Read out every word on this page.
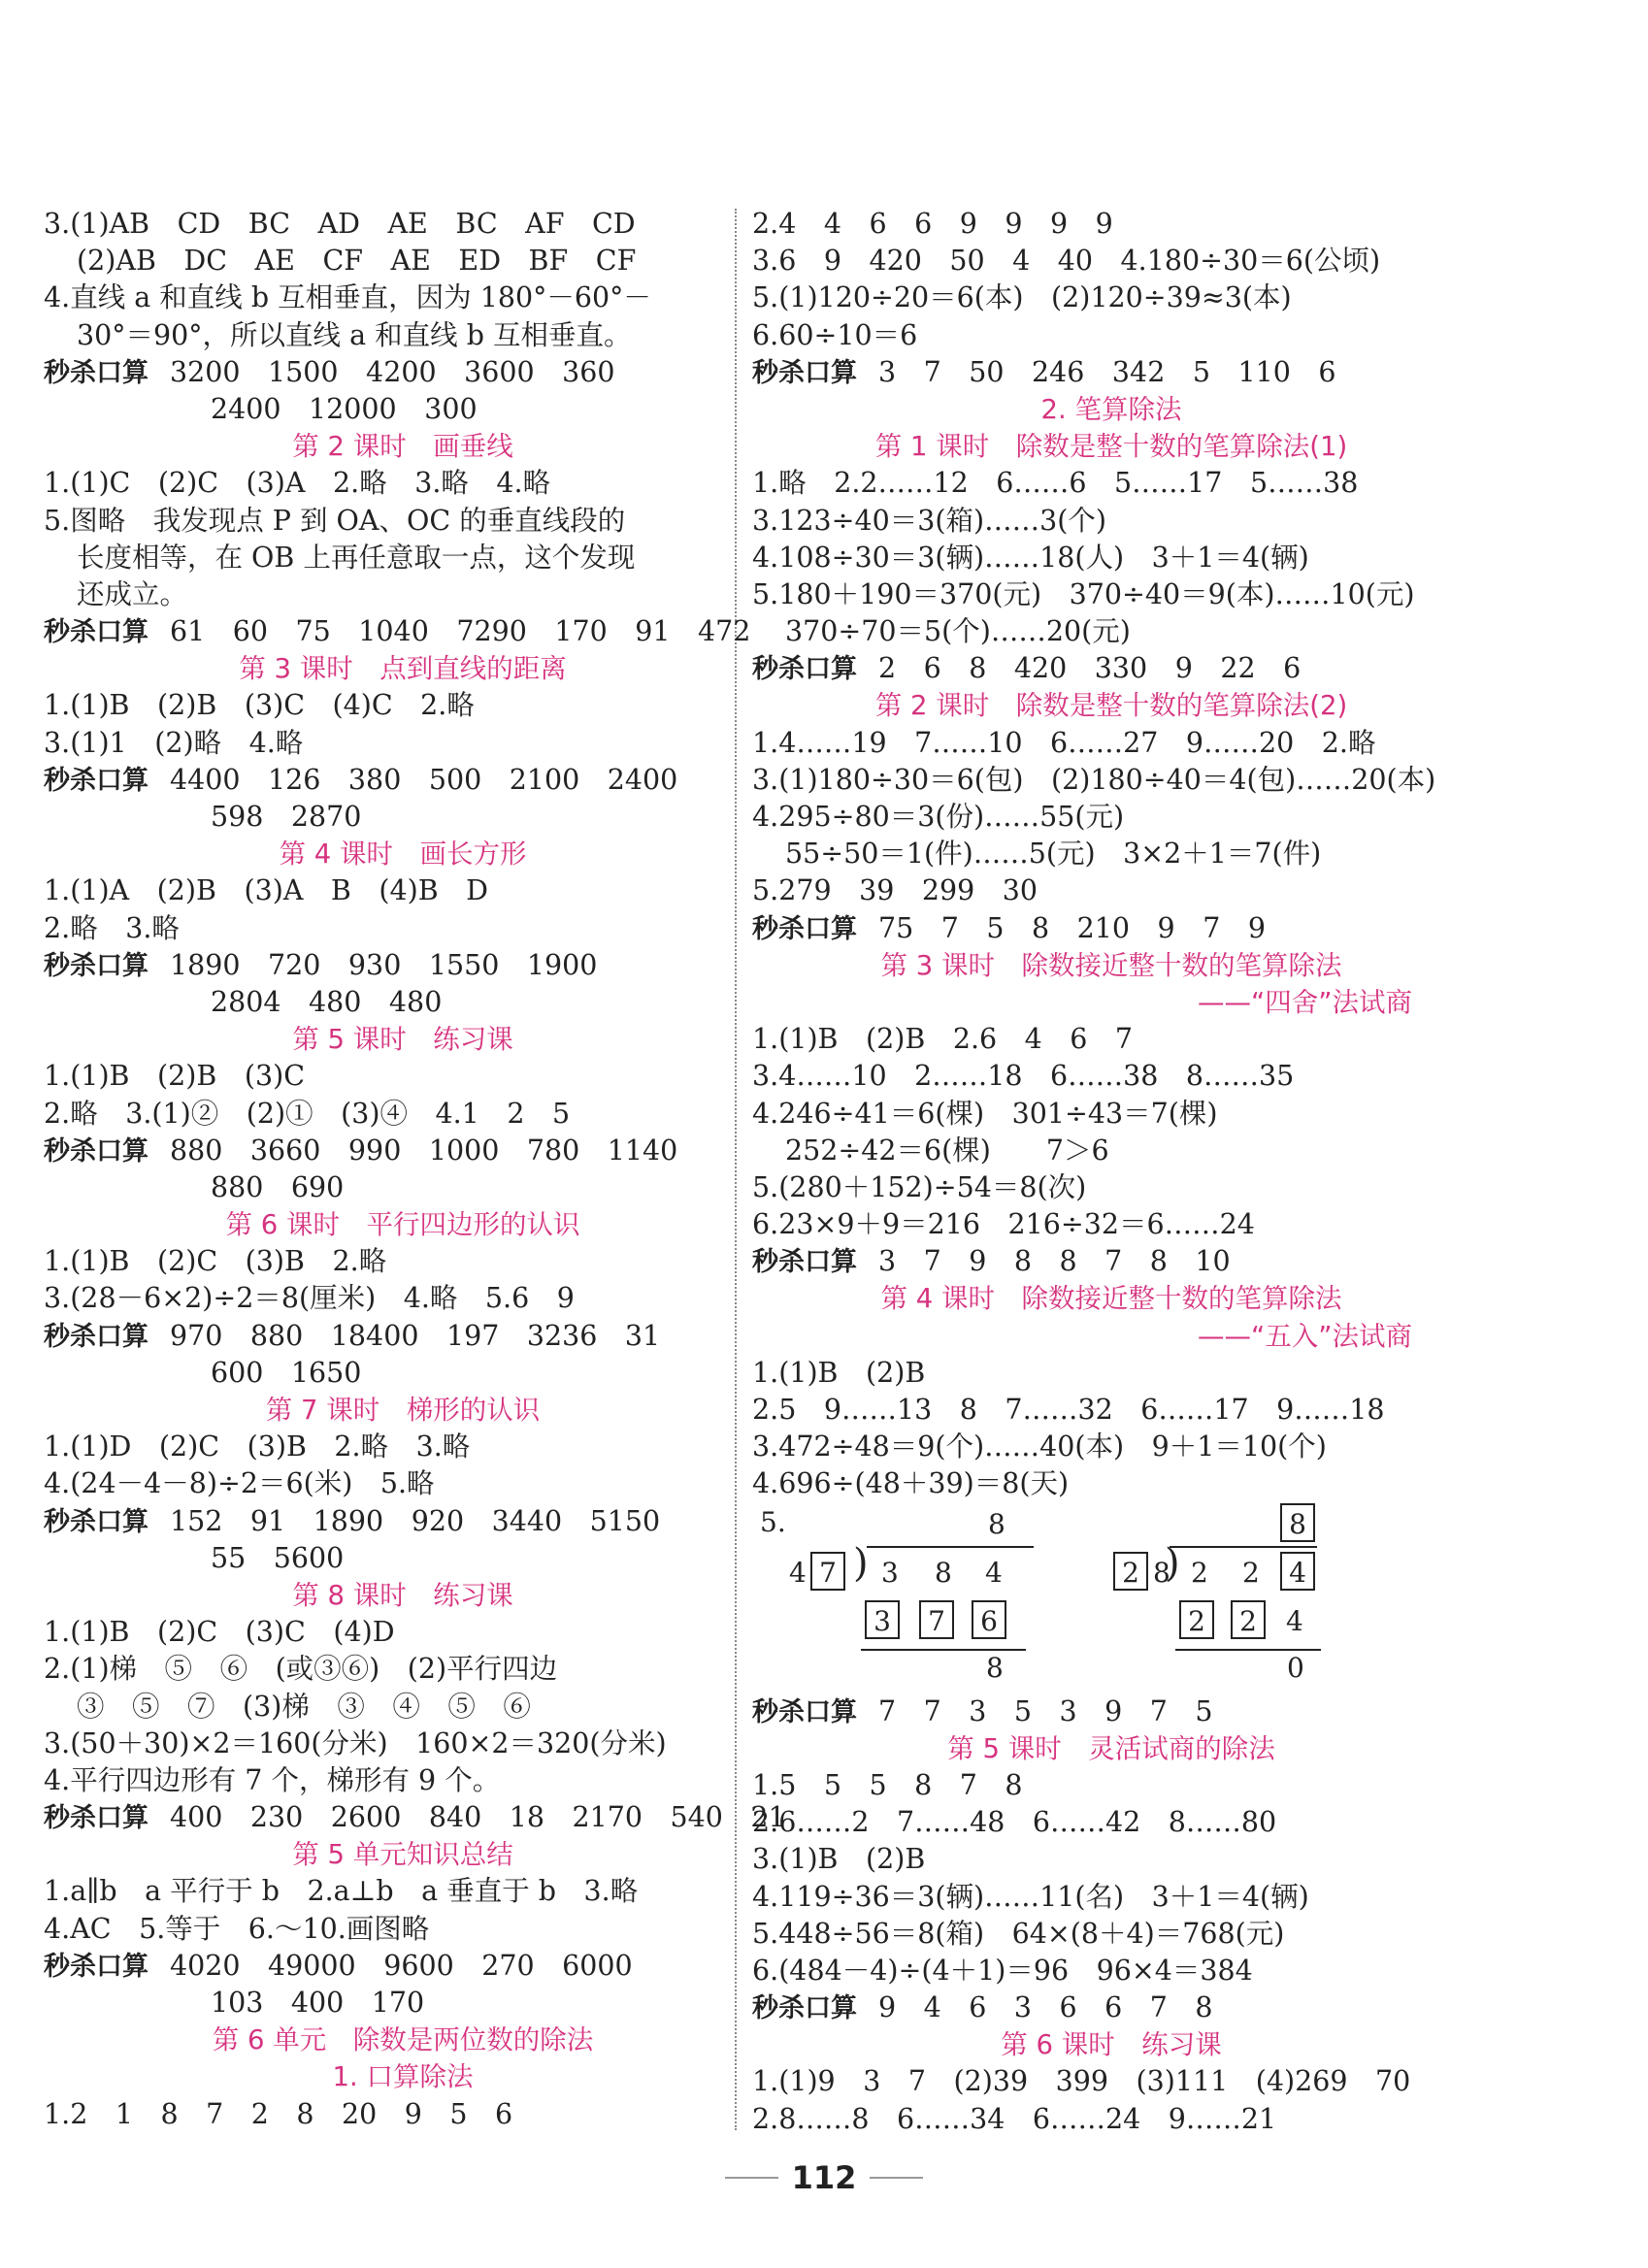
3.(1)AB　CD　BC　AD　AE　BC　AF　CD
(2)AB　DC　AE　CF　AE　ED　BF　CF
4.直线 a 和直线 b 互相垂直，因为 180°－60°－
30°＝90°，所以直线 a 和直线 b 互相垂直。
秒杀口算 3200　1500　4200　3600　360
2400　12000　300
第 2 课时　画垂线
1.(1)C　(2)C　(3)A　2.略　3.略　4.略
5.图略　我发现点 P 到 OA、OC 的垂直线段的
长度相等，在 OB 上再任意取一点，这个发现
还成立。
秒杀口算 61　60　75　1040　7290　170　91　472
第 3 课时　点到直线的距离
1.(1)B　(2)B　(3)C　(4)C　2.略
3.(1)1　(2)略　4.略
秒杀口算 4400　126　380　500　2100　2400
598　2870
第 4 课时　画长方形
1.(1)A　(2)B　(3)A　B　(4)B　D
2.略　3.略
秒杀口算 1890　720　930　1550　1900
2804　480　480
第 5 课时　练习课
1.(1)B　(2)B　(3)C
2.略　3.(1)②　(2)①　(3)④　4.1　2　5
秒杀口算 880　3660　990　1000　780　1140
880　690
第 6 课时　平行四边形的认识
1.(1)B　(2)C　(3)B　2.略
3.(28－6×2)÷2＝8(厘米)　4.略　5.6　9
秒杀口算 970　880　18400　197　3236　31
600　1650
第 7 课时　梯形的认识
1.(1)D　(2)C　(3)B　2.略　3.略
4.(24－4－8)÷2＝6(米)　5.略
秒杀口算 152　91　1890　920　3440　5150
55　5600
第 8 课时　练习课
1.(1)B　(2)C　(3)C　(4)D
2.(1)梯　⑤　⑥　(或③⑥)　(2)平行四边
③　⑤　⑦　(3)梯　③　④　⑤　⑥
3.(50＋30)×2＝160(分米)　160×2＝320(分米)
4.平行四边形有 7 个，梯形有 9 个。
秒杀口算 400　230　2600　840　18　2170　540　21
第 5 单元知识总结
1.a∥b　a 平行于 b　2.a⊥b　a 垂直于 b　3.略
4.AC　5.等于　6.～10.画图略
秒杀口算 4020　49000　9600　270　6000
103　400　170
第 6 单元　除数是两位数的除法
1. 口算除法
1.2　1　8　7　2　8　20　9　5　6
2.4　4　6　6　9　9　9　9
3.6　9　420　50　4　40　4.180÷30＝6(公顷)
5.(1)120÷20＝6(本)　(2)120÷39≈3(本)
6.60÷10＝6
秒杀口算 3　7　50　246　342　5　110　6
2. 笔算除法
第 1 课时　除数是整十数的笔算除法(1)
1.略　2.2……12　6……6　5……17　5……38
3.123÷40＝3(箱)……3(个)
4.108÷30＝3(辆)……18(人)　3＋1＝4(辆)
5.180＋190＝370(元)　370÷40＝9(本)……10(元)
370÷70＝5(个)……20(元)
秒杀口算 2　6　8　420　330　9　22　6
第 2 课时　除数是整十数的笔算除法(2)
1.4……19　7……10　6……27　9……20　2.略
3.(1)180÷30＝6(包)　(2)180÷40＝4(包)……20(本)
4.295÷80＝3(份)……55(元)
55÷50＝1(件)……5(元)　3×2＋1＝7(件)
5.279　39　299　30
秒杀口算 75　7　5　8　210　9　7　9
第 3 课时　除数接近整十数的笔算除法
——“四舍”法试商
1.(1)B　(2)B　2.6　4　6　7
3.4……10　2……18　6……38　8……35
4.246÷41＝6(棵)　301÷43＝7(棵)
252÷42＝6(棵)　　7＞6
5.(280＋152)÷54＝8(次)
6.23×9＋9＝216　216÷32＝6……24
秒杀口算 3　7　9　8　8　7　8　10
第 4 课时　除数接近整十数的笔算除法
——“五入”法试商
1.(1)B　(2)B
2.5　9……13　8　7……32　6……17　9……18
3.472÷48＝9(个)……40(本)　9＋1＝10(个)
4.696÷(48＋39)＝8(天)
5.	8
4 7 ) 3 8 4
3	7	6
8
8
2 8
) 2 2	4
2	2	4
0
秒杀口算 7　7　3　5　3　9　7　5
第 5 课时　灵活试商的除法
1.5　5　5　8　7　8
2.6……2　7……48　6……42　8……80
3.(1)B　(2)B
4.119÷36＝3(辆)……11(名)　3＋1＝4(辆)
5.448÷56＝8(箱)　64×(8＋4)＝768(元)
6.(484－4)÷(4＋1)＝96　96×4＝384
秒杀口算 9　4　6　3　6　6　7　8
第 6 课时　练习课
1.(1)9　3　7　(2)39　399　(3)111　(4)269　70
2.8……8　6……34　6……24　9……21
112
